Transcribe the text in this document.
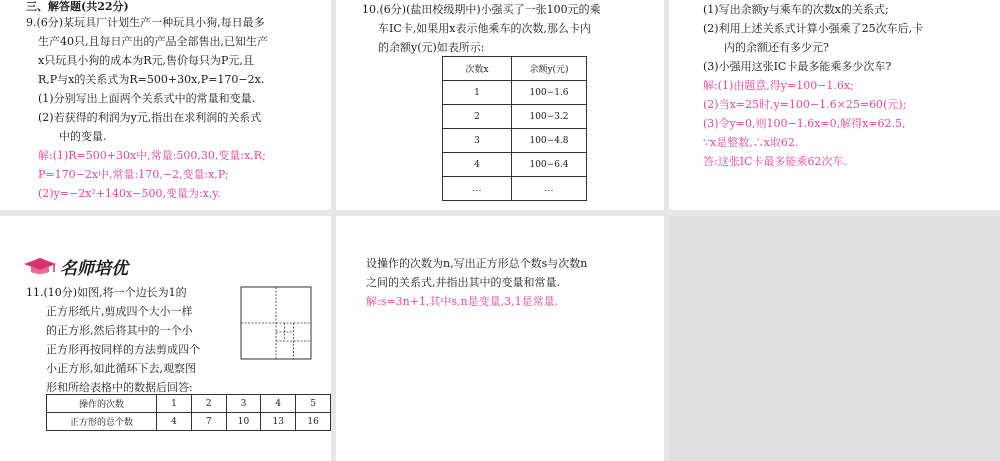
三、解答题(共22分)
9.(6分)某玩具厂计划生产一种玩具小狗,每日最多
生产40只,且每日产出的产品全部售出,已知生产
x只玩具小狗的成本为R元,售价每只为P元,且
R,P与x的关系式为R=500+30x,P=170−2x.
(1)分别写出上面两个关系式中的常量和变量.
(2)若获得的利润为y元,指出在求利润的关系式
中的变量.
解:(1)R=500+30x中,常量:500,30,变量:x,R;
P=170−2x中,常量:170,−2,变量:x,P;
(2)y=−2x²+140x−500,变量为:x,y.
10.(6分)(盐田校级期中)小强买了一张100元的乘
车IC卡,如果用x表示他乘车的次数,那么卡内
的余额y(元)如表所示:
次数x	余额y(元)
1	100−1.6
2	100−3.2
3	100−4.8
4	100−6.4
…	…
(1)写出余额y与乘车的次数x的关系式;
(2)利用上述关系式计算小强乘了25次车后,卡
内的余额还有多少元?
(3)小强用这张IC卡最多能乘多少次车?
解:(1)由题意,得y=100−1.6x;
(2)当x=25时,y=100−1.6×25=60(元);
(3)令y=0,则100−1.6x=0,解得x=62.5,
∵x是整数,∴x取62.
答:这张IC卡最多能乘62次车.
名师培优
11.(10分)如图,将一个边长为1的
正方形纸片,剪成四个大小一样
的正方形,然后将其中的一个小
正方形再按同样的方法剪成四个
小正方形,如此循环下去,观察图
形和所给表格中的数据后回答:
操作的次数	1	2	3	4	5
正方形的总个数	4	7	10	13	16
设操作的次数为n,写出正方形总个数s与次数n
之间的关系式,并指出其中的变量和常量.
解:s=3n+1,其中s,n是变量,3,1是常量.
